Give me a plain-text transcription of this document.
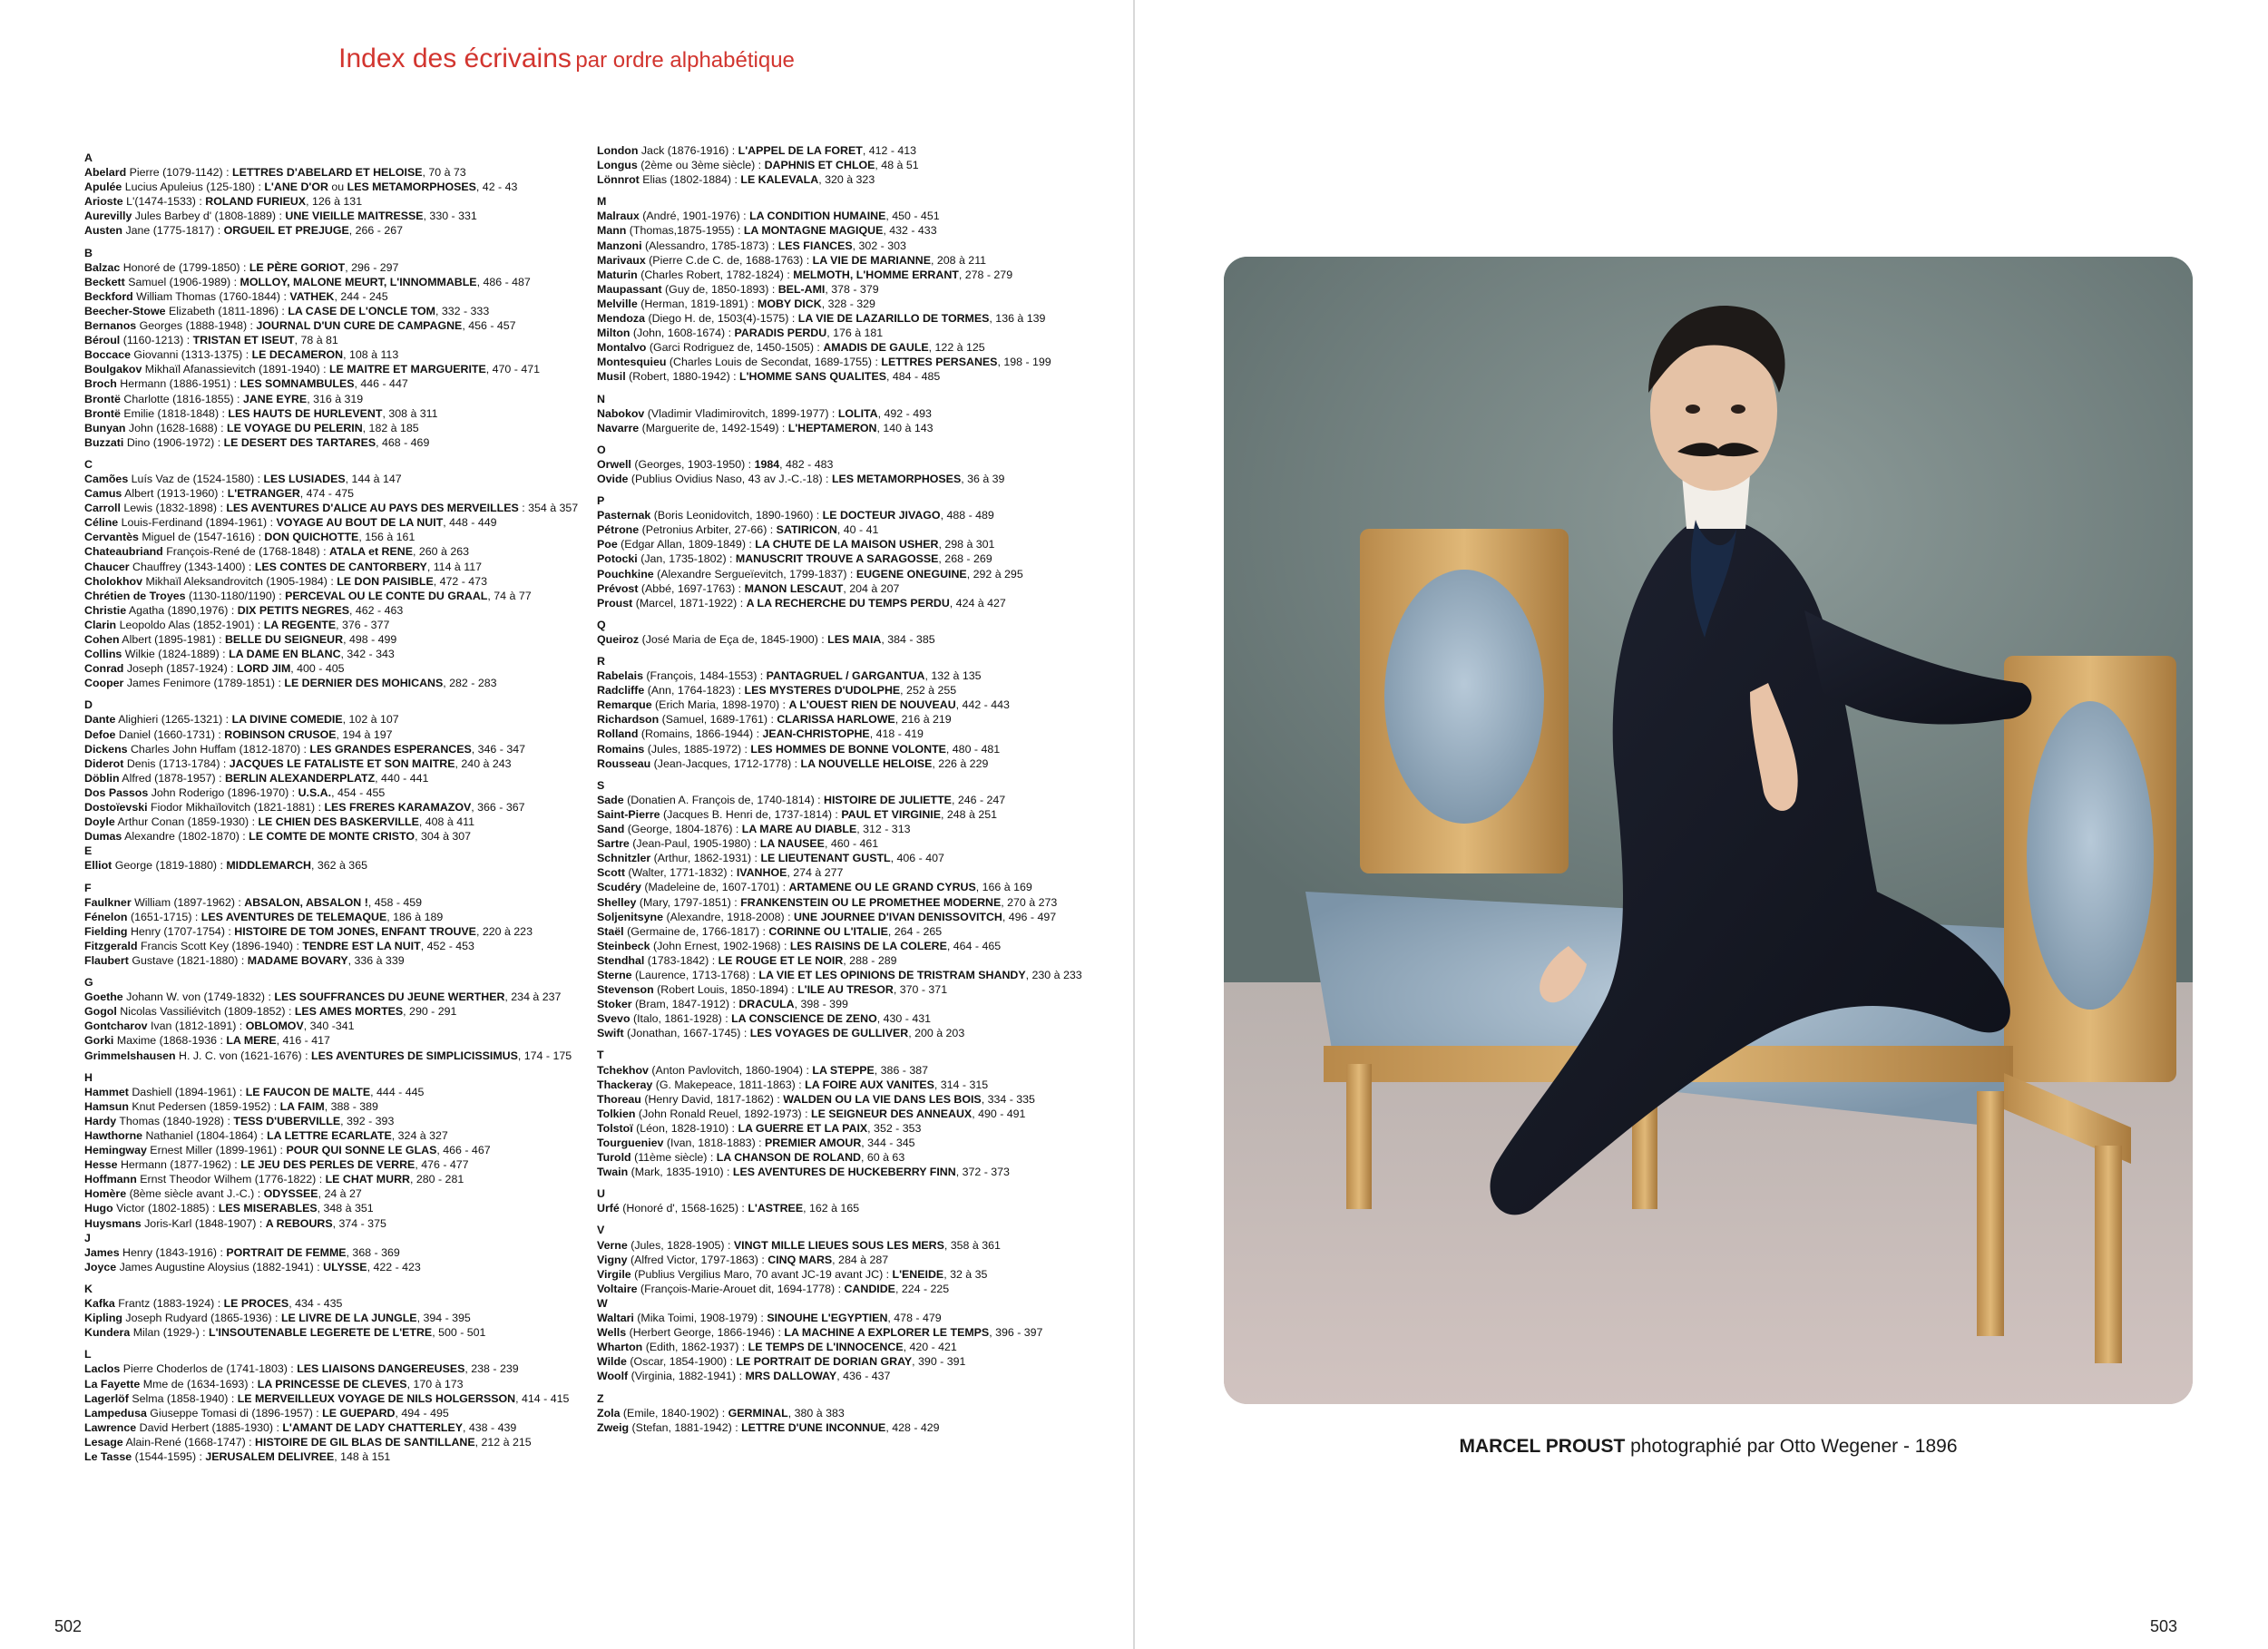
Index des écrivains par ordre alphabétique
A
Abelard Pierre (1079-1142) : LETTRES D'ABELARD ET HELOISE, 70 à 73
Apulée Lucius Apuleius (125-180) : L'ANE D'OR ou LES METAMORPHOSES, 42 - 43
Arioste L'(1474-1533) : ROLAND FURIEUX, 126 à 131
Aurevilly Jules Barbey d' (1808-1889) : UNE VIEILLE MAITRESSE, 330 - 331
Austen Jane (1775-1817) : ORGUEIL ET PREJUGE, 266 - 267
B
Balzac Honoré de (1799-1850) : LE PÈRE GORIOT, 296 - 297
Beckett Samuel (1906-1989) : MOLLOY, MALONE MEURT, L'INNOMMABLE, 486 - 487
Beckford William Thomas (1760-1844) : VATHEK, 244 - 245
Beecher-Stowe Elizabeth (1811-1896) : LA CASE DE L'ONCLE TOM, 332 - 333
Bernanos Georges (1888-1948) : JOURNAL D'UN CURE DE CAMPAGNE, 456 - 457
Béroul (1160-1213) : TRISTAN ET ISEUT, 78 à 81
Boccace Giovanni (1313-1375) : LE DECAMERON, 108 à 113
Boulgakov Mikhaïl Afanassievitch (1891-1940) : LE MAITRE ET MARGUERITE, 470 - 471
Broch Hermann (1886-1951) : LES SOMNAMBULES, 446 - 447
Brontë Charlotte (1816-1855) : JANE EYRE, 316 à 319
Brontë Emilie (1818-1848) : LES HAUTS DE HURLEVENT, 308 à 311
Bunyan John (1628-1688) : LE VOYAGE DU PELERIN, 182 à 185
Buzzati Dino (1906-1972) : LE DESERT DES TARTARES, 468 - 469
C
Camões Luís Vaz de (1524-1580) : LES LUSIADES, 144 à 147
Camus Albert (1913-1960) : L'ETRANGER, 474 - 475
Carroll Lewis (1832-1898) : LES AVENTURES D'ALICE AU PAYS DES MERVEILLES : 354 à 357
Céline Louis-Ferdinand (1894-1961) : VOYAGE AU BOUT DE LA NUIT, 448 - 449
Cervantès Miguel de (1547-1616) : DON QUICHOTTE, 156 à 161
Chateaubriand François-René de (1768-1848) : ATALA et RENE, 260 à 263
Chaucer Chauffrey (1343-1400) : LES CONTES DE CANTORBERY, 114 à 117
Cholokhov Mikhaïl Aleksandrovitch (1905-1984) : LE DON PAISIBLE, 472 - 473
Chrétien de Troyes (1130-1180/1190) : PERCEVAL OU LE CONTE DU GRAAL, 74 à 77
Christie Agatha (1890,1976) : DIX PETITS NEGRES, 462 - 463
Clarin Leopoldo Alas (1852-1901) : LA REGENTE, 376 - 377
Cohen Albert (1895-1981) : BELLE DU SEIGNEUR, 498 - 499
Collins Wilkie (1824-1889) : LA DAME EN BLANC, 342 - 343
Conrad Joseph (1857-1924) : LORD JIM, 400 - 405
Cooper James Fenimore (1789-1851) : LE DERNIER DES MOHICANS, 282 - 283
D
Dante Alighieri (1265-1321) : LA DIVINE COMEDIE, 102 à 107
Defoe Daniel (1660-1731) : ROBINSON CRUSOE, 194 à 197
Dickens Charles John Huffam (1812-1870) : LES GRANDES ESPERANCES, 346 - 347
Diderot Denis (1713-1784) : JACQUES LE FATALISTE ET SON MAITRE, 240 à 243
Döblin Alfred (1878-1957) : BERLIN ALEXANDERPLATZ, 440 - 441
Dos Passos John Roderigo (1896-1970) : U.S.A., 454 - 455
Dostoïevski Fiodor Mikhaïlovitch (1821-1881) : LES FRERES KARAMAZOV, 366 - 367
Doyle Arthur Conan (1859-1930) : LE CHIEN DES BASKERVILLE, 408 à 411
Dumas Alexandre (1802-1870) : LE COMTE DE MONTE CRISTO, 304 à 307
E
Elliot George (1819-1880) : MIDDLEMARCH, 362 à 365
F
Faulkner William (1897-1962) : ABSALON, ABSALON !, 458 - 459
Fénelon (1651-1715) : LES AVENTURES DE TELEMAQUE, 186 à 189
Fielding Henry (1707-1754) : HISTOIRE DE TOM JONES, ENFANT TROUVE, 220 à 223
Fitzgerald Francis Scott Key (1896-1940) : TENDRE EST LA NUIT, 452 - 453
Flaubert Gustave (1821-1880) : MADAME BOVARY, 336 à 339
G
Goethe Johann W. von (1749-1832) : LES SOUFFRANCES DU JEUNE WERTHER, 234 à 237
Gogol Nicolas Vassiliévitch (1809-1852) : LES AMES MORTES, 290 - 291
Gontcharov Ivan (1812-1891) : OBLOMOV, 340 -341
Gorki Maxime (1868-1936 : LA MERE, 416 - 417
Grimmelshausen H. J. C. von (1621-1676) : LES AVENTURES DE SIMPLICISSIMUS, 174 - 175
H
Hammet Dashiell (1894-1961) : LE FAUCON DE MALTE, 444 - 445
Hamsun Knut Pedersen (1859-1952) : LA FAIM, 388 - 389
Hardy Thomas (1840-1928) : TESS D'UBERVILLE, 392 - 393
Hawthorne Nathaniel (1804-1864) : LA LETTRE ECARLATE, 324 à 327
Hemingway Ernest Miller (1899-1961) : POUR QUI SONNE LE GLAS, 466 - 467
Hesse Hermann (1877-1962) : LE JEU DES PERLES DE VERRE, 476 - 477
Hoffmann Ernst Theodor Wilhem (1776-1822) : LE CHAT MURR, 280 - 281
Homère (8ème siècle avant J.-C.) : ODYSSEE, 24 à 27
Hugo Victor (1802-1885) : LES MISERABLES, 348 à 351
Huysmans Joris-Karl (1848-1907) : A REBOURS, 374 - 375
J
James Henry (1843-1916) : PORTRAIT DE FEMME, 368 - 369
Joyce James Augustine Aloysius (1882-1941) : ULYSSE, 422 - 423
K
Kafka Frantz (1883-1924) : LE PROCES, 434 - 435
Kipling Joseph Rudyard (1865-1936) : LE LIVRE DE LA JUNGLE, 394 - 395
Kundera Milan (1929-) : L'INSOUTENABLE LEGERETE DE L'ETRE, 500 - 501
L
Laclos Pierre Choderlos de (1741-1803) : LES LIAISONS DANGEREUSES, 238 - 239
La Fayette Mme de (1634-1693) : LA PRINCESSE DE CLEVES, 170 à 173
Lagerlöf Selma (1858-1940) : LE MERVEILLEUX VOYAGE DE NILS HOLGERSSON, 414 - 415
Lampedusa Giuseppe Tomasi di (1896-1957) : LE GUEPARD, 494 - 495
Lawrence David Herbert (1885-1930) : L'AMANT DE LADY CHATTERLEY, 438 - 439
Lesage Alain-René (1668-1747) : HISTOIRE DE GIL BLAS DE SANTILLANE, 212 à 215
Le Tasse (1544-1595) : JERUSALEM DELIVREE, 148 à 151
London Jack (1876-1916) : L'APPEL DE LA FORET, 412 - 413
Longus (2ème ou 3ème siècle) : DAPHNIS ET CHLOE, 48 à 51
Lönnrot Elias (1802-1884) : LE KALEVALA, 320 à 323
M
Malraux (André, 1901-1976) : LA CONDITION HUMAINE, 450 - 451
Mann (Thomas,1875-1955) : LA MONTAGNE MAGIQUE, 432 - 433
Manzoni (Alessandro, 1785-1873) : LES FIANCES, 302 - 303
Marivaux (Pierre C.de C. de, 1688-1763) : LA VIE DE MARIANNE, 208 à 211
Maturin (Charles Robert, 1782-1824) : MELMOTH, L'HOMME ERRANT, 278 - 279
Maupassant (Guy de, 1850-1893) : BEL-AMI, 378 - 379
Melville (Herman, 1819-1891) : MOBY DICK, 328 - 329
Mendoza (Diego H. de, 1503(4)-1575) : LA VIE DE LAZARILLO DE TORMES, 136 à 139
Milton (John, 1608-1674) : PARADIS PERDU, 176 à 181
Montalvo (Garci Rodriguez de, 1450-1505) : AMADIS DE GAULE, 122 à 125
Montesquieu (Charles Louis de Secondat, 1689-1755) : LETTRES PERSANES, 198 - 199
Musil (Robert, 1880-1942) : L'HOMME SANS QUALITES, 484 - 485
N
Nabokov (Vladimir Vladimirovitch, 1899-1977) : LOLITA, 492 - 493
Navarre (Marguerite de, 1492-1549) : L'HEPTAMERON, 140 à 143
O
Orwell (Georges, 1903-1950) : 1984, 482 - 483
Ovide (Publius Ovidius Naso, 43 av J.-C.-18) : LES METAMORPHOSES, 36 à 39
P
Pasternak (Boris Leonidovitch, 1890-1960) : LE DOCTEUR JIVAGO, 488 - 489
Pétrone (Petronius Arbiter, 27-66) : SATIRICON, 40 - 41
Poe (Edgar Allan, 1809-1849) : LA CHUTE DE LA MAISON USHER, 298 à 301
Potocki (Jan, 1735-1802) : MANUSCRIT TROUVE A SARAGOSSE, 268 - 269
Pouchkine (Alexandre Sergueïevitch, 1799-1837) : EUGENE ONEGUINE, 292 à 295
Prévost (Abbé, 1697-1763) : MANON LESCAUT, 204 à 207
Proust (Marcel, 1871-1922) : A LA RECHERCHE DU TEMPS PERDU, 424 à 427
Q
Queiroz (José Maria de Eça de, 1845-1900) : LES MAIA, 384 - 385
R
Rabelais (François, 1484-1553) : PANTAGRUEL / GARGANTUA, 132 à 135
Radcliffe (Ann, 1764-1823) : LES MYSTERES D'UDOLPHE, 252 à 255
Remarque (Erich Maria, 1898-1970) : A L'OUEST RIEN DE NOUVEAU, 442 - 443
Richardson (Samuel, 1689-1761) : CLARISSA HARLOWE, 216 à 219
Rolland (Romains, 1866-1944) : JEAN-CHRISTOPHE, 418 - 419
Romains (Jules, 1885-1972) : LES HOMMES DE BONNE VOLONTE, 480 - 481
Rousseau (Jean-Jacques, 1712-1778) : LA NOUVELLE HELOISE, 226 à 229
S
Sade (Donatien A. François de, 1740-1814) : HISTOIRE DE JULIETTE, 246 - 247
Saint-Pierre (Jacques B. Henri de, 1737-1814) : PAUL ET VIRGINIE, 248 à 251
Sand (George, 1804-1876) : LA MARE AU DIABLE, 312 - 313
Sartre (Jean-Paul, 1905-1980) : LA NAUSEE, 460 - 461
Schnitzler (Arthur, 1862-1931) : LE LIEUTENANT GUSTL, 406 - 407
Scott (Walter, 1771-1832) : IVANHOE, 274 à 277
Scudéry (Madeleine de, 1607-1701) : ARTAMENE OU LE GRAND CYRUS, 166 à 169
Shelley (Mary, 1797-1851) : FRANKENSTEIN OU LE PROMETHEE MODERNE, 270 à 273
Soljenitsyne (Alexandre, 1918-2008) : UNE JOURNEE D'IVAN DENISSOVITCH, 496 - 497
Staël (Germaine de, 1766-1817) : CORINNE OU L'ITALIE, 264 - 265
Steinbeck (John Ernest, 1902-1968) : LES RAISINS DE LA COLERE, 464 - 465
Stendhal (1783-1842) : LE ROUGE ET LE NOIR, 288 - 289
Sterne (Laurence, 1713-1768) : LA VIE ET LES OPINIONS DE TRISTRAM SHANDY, 230 à 233
Stevenson (Robert Louis, 1850-1894) : L'ILE AU TRESOR, 370 - 371
Stoker (Bram, 1847-1912) : DRACULA, 398 - 399
Svevo (Italo, 1861-1928) : LA CONSCIENCE DE ZENO, 430 - 431
Swift (Jonathan, 1667-1745) : LES VOYAGES DE GULLIVER, 200 à 203
T
Tchekhov (Anton Pavlovitch, 1860-1904) : LA STEPPE, 386 - 387
Thackeray (G. Makepeace, 1811-1863) : LA FOIRE AUX VANITES, 314 - 315
Thoreau (Henry David, 1817-1862) : WALDEN OU LA VIE DANS LES BOIS, 334 - 335
Tolkien (John Ronald Reuel, 1892-1973) : LE SEIGNEUR DES ANNEAUX, 490 - 491
Tolstoï (Léon, 1828-1910) : LA GUERRE ET LA PAIX, 352 - 353
Tourgueniev (Ivan, 1818-1883) : PREMIER AMOUR, 344 - 345
Turold (11ème siècle) : LA CHANSON DE ROLAND, 60 à 63
Twain (Mark, 1835-1910) : LES AVENTURES DE HUCKEBERRY FINN, 372 - 373
U
Urfé (Honoré d', 1568-1625) : L'ASTREE, 162 à 165
V
Verne (Jules, 1828-1905) : VINGT MILLE LIEUES SOUS LES MERS, 358 à 361
Vigny (Alfred Victor, 1797-1863) : CINQ MARS, 284 à 287
Virgile (Publius Vergilius Maro, 70 avant JC-19 avant JC) : L'ENEIDE, 32 à 35
Voltaire (François-Marie-Arouet dit, 1694-1778) : CANDIDE, 224 - 225
W
Waltari (Mika Toimi, 1908-1979) : SINOUHE L'EGYPTIEN, 478 - 479
Wells (Herbert George, 1866-1946) : LA MACHINE A EXPLORER LE TEMPS, 396 - 397
Wharton (Edith, 1862-1937) : LE TEMPS DE L'INNOCENCE, 420 - 421
Wilde (Oscar, 1854-1900) : LE PORTRAIT DE DORIAN GRAY, 390 - 391
Woolf (Virginia, 1882-1941) : MRS DALLOWAY, 436 - 437
Z
Zola (Emile, 1840-1902) : GERMINAL, 380 à 383
Zweig (Stefan, 1881-1942) : LETTRE D'UNE INCONNUE, 428 - 429
502	503
MARCEL PROUST photographié par Otto Wegener - 1896
